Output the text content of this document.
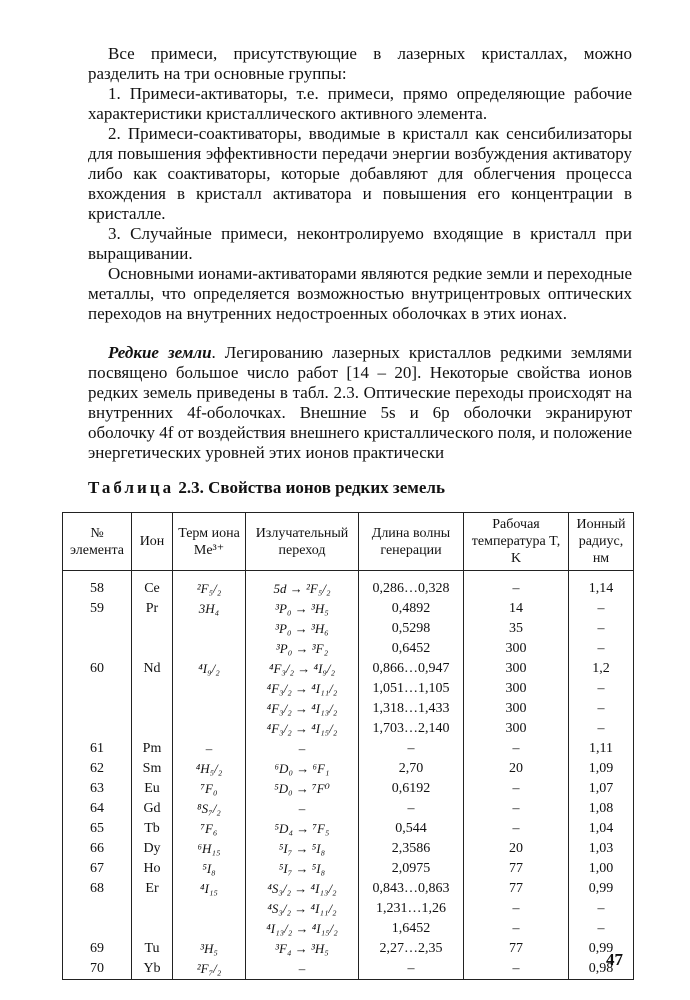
Все примеси, присутствующие в лазерных кристаллах, можно разделить на три основные группы:

1. Примеси-активаторы, т.е. примеси, прямо определяющие рабочие характеристики кристаллического активного элемента.

2. Примеси-соактиваторы, вводимые в кристалл как сенсибилизаторы для повышения эффективности передачи энергии возбуждения активатору либо как соактиваторы, которые добавляют для облегчения процесса вхождения в кристалл активатора и повышения его концентрации в кристалле.

3. Случайные примеси, неконтролируемо входящие в кристалл при выращивании.

Основными ионами-активаторами являются редкие земли и переходные металлы, что определяется возможностью внутрицентровых оптических переходов на внутренних недостроенных оболочках в этих ионах.

Редкие земли. Легированию лазерных кристаллов редкими землями посвящено большое число работ [14 – 20]. Некоторые свойства ионов редких земель приведены в табл. 2.3. Оптические переходы происходят на внутренних 4f-оболочках. Внешние 5s и 6p оболочки экранируют оболочку 4f от воздействия внешнего кристаллического поля, и положение энергетических уровней этих ионов практически

Таблица 2.3. Свойства ионов редких земель
№ элемента	Ион	Терм иона Me³⁺	Излучательный переход	Длина волны генерации	Рабочая температура T, K	Ионный радиус, нм

58	Ce	²F₅/₂	5d → ²F₅/₂	0,286…0,328	–	1,14
59	Pr	3H₄	³P₀ → ³H₅	0,4892	14	–
			³P₀ → ³H₆	0,5298	35	–
			³P₀ → ³F₂	0,6452	300	–
60	Nd	⁴I₉/₂	⁴F₃/₂ → ⁴I₉/₂	0,866…0,947	300	1,2
			⁴F₃/₂ → ⁴I₁₁/₂	1,051…1,105	300	–
			⁴F₃/₂ → ⁴I₁₃/₂	1,318…1,433	300	–
			⁴F₃/₂ → ⁴I₁₅/₂	1,703…2,140	300	–
61	Pm	–	–	–	–	1,11
62	Sm	⁴H₅/₂	⁶D₀ → ⁶F₁	2,70	20	1,09
63	Eu	⁷F₀	⁵D₀ → ⁷F⁰	0,6192	–	1,07
64	Gd	⁸S₇/₂	–	–	–	1,08
65	Tb	⁷F₆	⁵D₄ → ⁷F₅	0,544	–	1,04
66	Dy	⁶H₁₅	⁵I₇ → ⁵I₈	2,3586	20	1,03
67	Ho	⁵I₈	⁵I₇ → ⁵I₈	2,0975	77	1,00
68	Er	⁴I₁₅	⁴S₃/₂ → ⁴I₁₃/₂	0,843…0,863	77	0,99
			⁴S₃/₂ → ⁴I₁₁/₂	1,231…1,26	–	–
			⁴I₁₃/₂ → ⁴I₁₅/₂	1,6452	–	–
69	Tu	³H₅	³F₄ → ³H₅	2,27…2,35	77	0,99
70	Yb	²F₇/₂	–	–	–	0,98
47
